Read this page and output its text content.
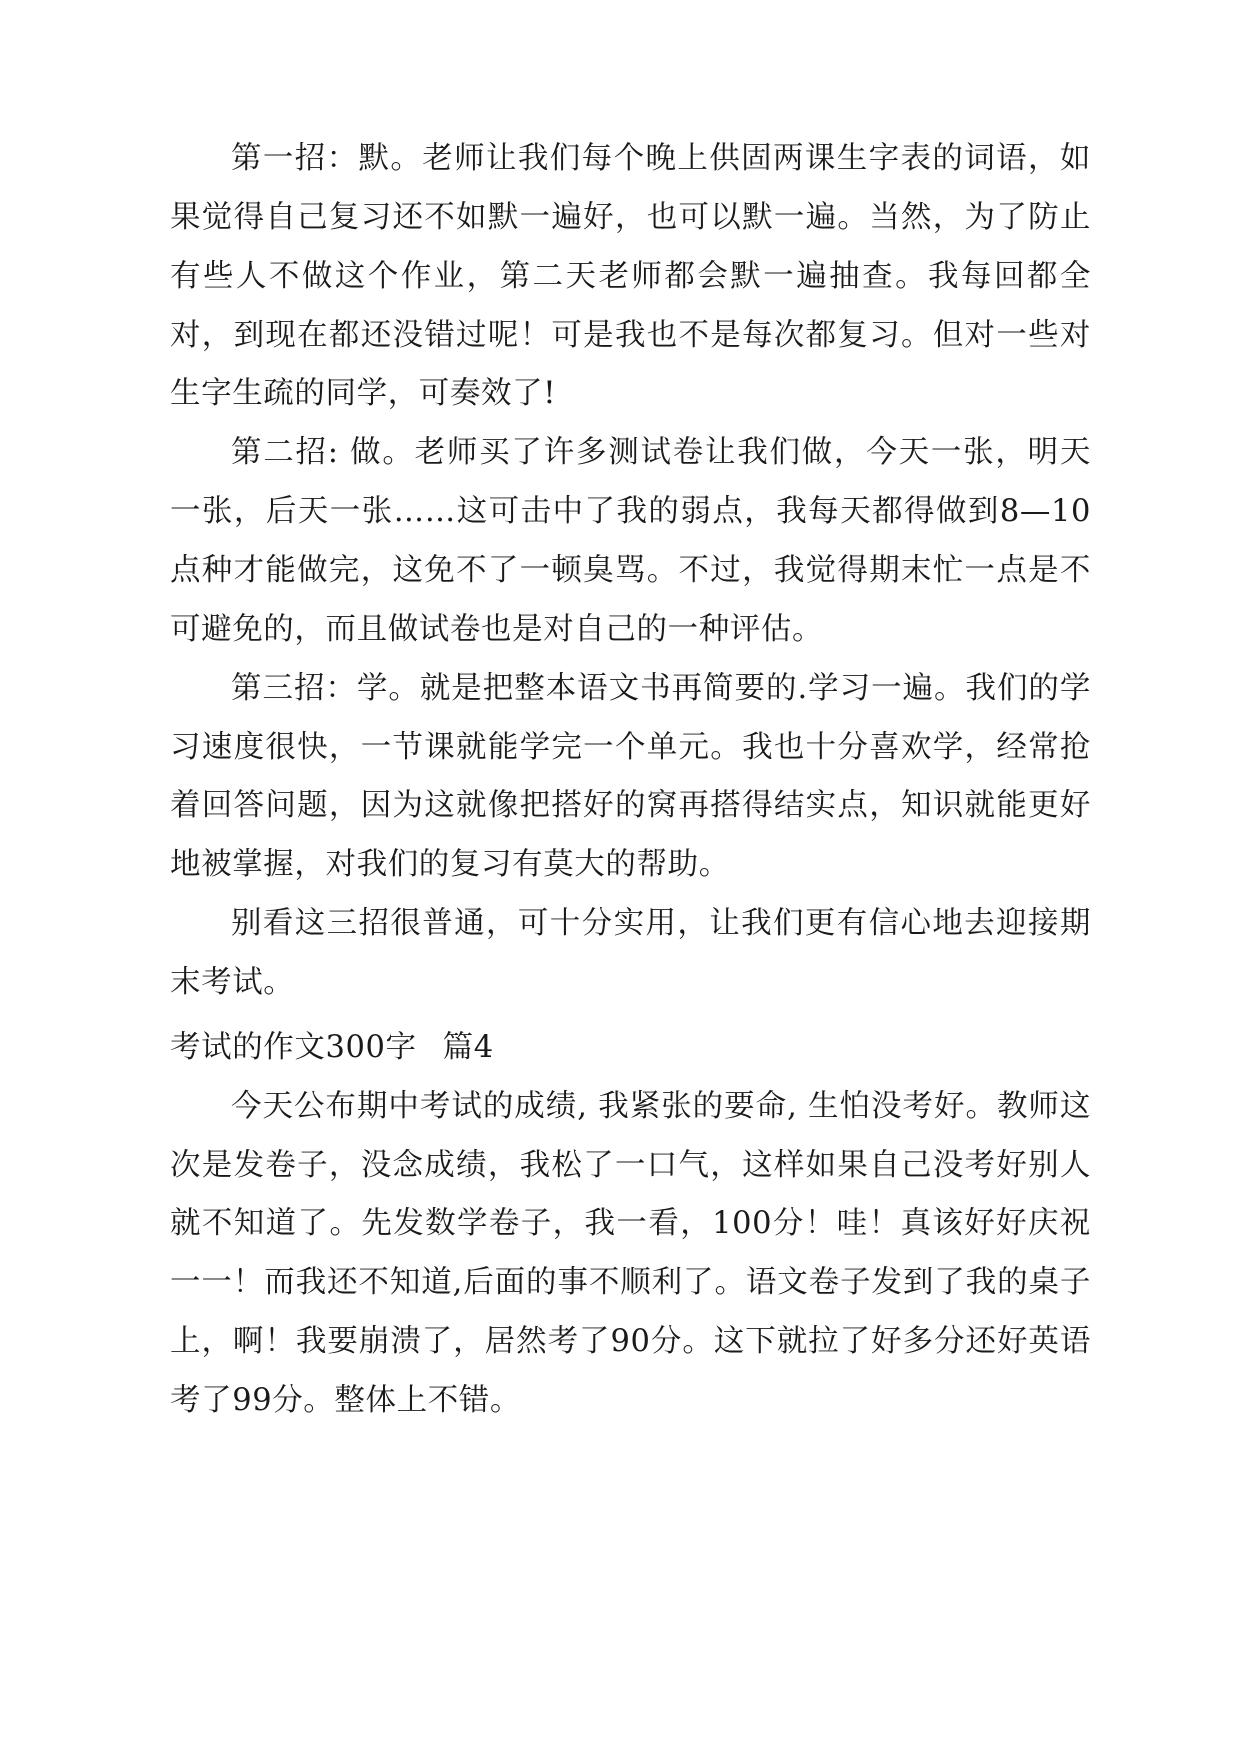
第一招：默。老师让我们每个晚上供固两课生字表的词语，如果觉得自己复习还不如默一遍好，也可以默一遍。当然，为了防止有些人不做这个作业，第二天老师都会默一遍抽查。我每回都全对，到现在都还没错过呢！可是我也不是每次都复习。但对一些对生字生疏的同学，可奏效了!

第二招: 做。老师买了许多测试卷让我们做，今天一张，明天一张，后天一张……这可击中了我的弱点，我每天都得做到8—10点种才能做完，这免不了一顿臭骂。不过，我觉得期末忙一点是不可避免的，而且做试卷也是对自己的一种评估。

第三招：学。就是把整本语文书再简要的.学习一遍。我们的学习速度很快，一节课就能学完一个单元。我也十分喜欢学，经常抢着回答问题，因为这就像把搭好的窝再搭得结实点，知识就能更好地被掌握，对我们的复习有莫大的帮助。

别看这三招很普通，可十分实用，让我们更有信心地去迎接期末考试。

考试的作文300字 篇4

今天公布期中考试的成绩, 我紧张的要命, 生怕没考好。教师这次是发卷子，没念成绩，我松了一口气，这样如果自己没考好别人就不知道了。先发数学卷子，我一看，100分！哇！真该好好庆祝一一！而我还不知道,后面的事不顺利了。语文卷子发到了我的桌子上，啊！我要崩溃了，居然考了90分。这下就拉了好多分还好英语考了99分。整体上不错。
